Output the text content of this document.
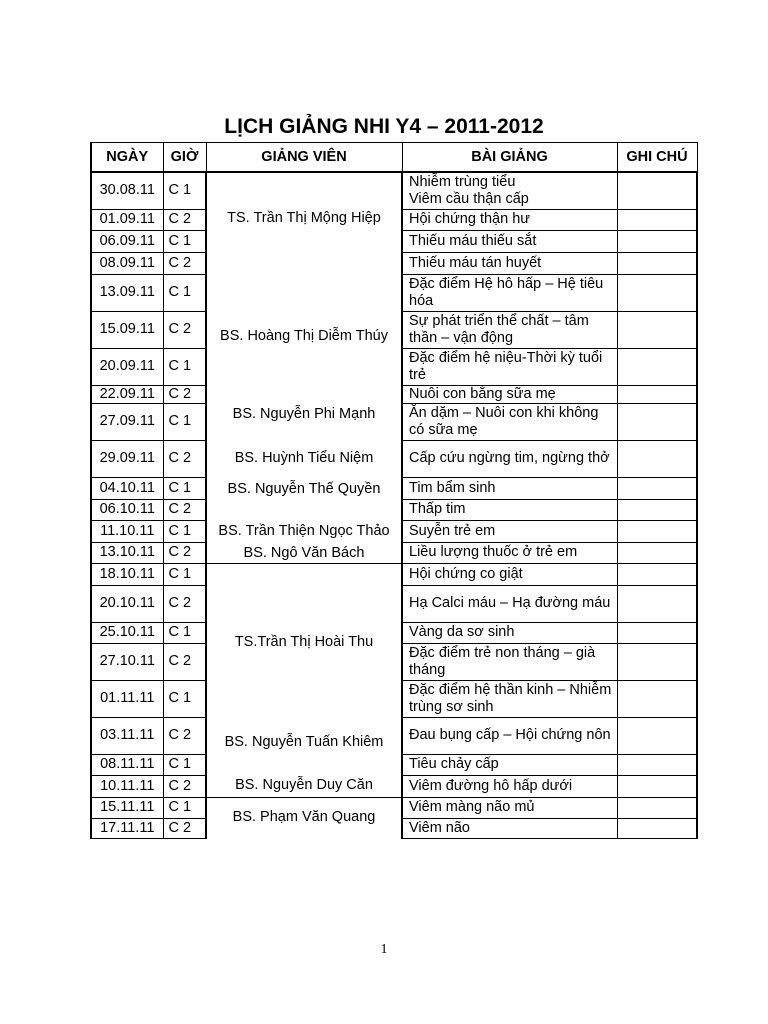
LỊCH GIẢNG NHI Y4 – 2011-2012
NGÀY	GIỜ	GIẢNG VIÊN	BÀI GIẢNG	GHI CHÚ
30.08.11	C 1	TS. Trần Thị Mộng Hiệp	Nhiễm trùng tiểu
Viêm cầu thận cấp	
01.09.11	C 2		Hội chứng thận hư	
06.09.11	C 1		Thiếu máu thiếu sắt	
08.09.11	C 2		Thiếu máu tán huyết	
13.09.11	C 1	BS. Hoàng Thị Diễm Thúy	Đặc điểm Hệ hô hấp – Hệ tiêu hóa	
15.09.11	C 2		Sự phát triển thể chất – tâm thần – vận động	
20.09.11	C 1		Đặc điểm hệ niệu-Thời kỳ tuổi trẻ	
22.09.11	C 2	BS. Nguyễn Phi Mạnh	Nuôi con bằng sữa mẹ	
27.09.11	C 1		Ăn dặm – Nuôi con khi không có sữa mẹ	
29.09.11	C 2	BS. Huỳnh Tiểu Niệm	Cấp cứu ngừng tim, ngừng thở	
04.10.11	C 1	BS. Nguyễn Thế Quyền	Tim bẩm sinh	
06.10.11	C 2		Thấp tim	
11.10.11	C 1	BS. Trần Thiện Ngọc Thảo	Suyễn trẻ em	
13.10.11	C 2	BS. Ngô Văn Bách	Liều lượng thuốc ở trẻ em	
18.10.11	C 1	TS.Trần Thị Hoài Thu	Hội chứng co giật	
20.10.11	C 2		Hạ Calci máu – Hạ đường máu	
25.10.11	C 1		Vàng da sơ sinh	
27.10.11	C 2		Đặc điểm trẻ non tháng – già tháng	
01.11.11	C 1		Đặc điểm hệ thần kinh – Nhiễm trùng sơ sinh	
03.11.11	C 2	BS. Nguyễn Tuấn Khiêm	Đau bụng cấp – Hội chứng nôn	
08.11.11	C 1		Tiêu chảy cấp	
10.11.11	C 2	BS. Nguyễn Duy Căn	Viêm đường hô hấp dưới	
15.11.11	C 1	BS. Phạm Văn Quang	Viêm màng não mủ	
17.11.11	C 2		Viêm não	
1
